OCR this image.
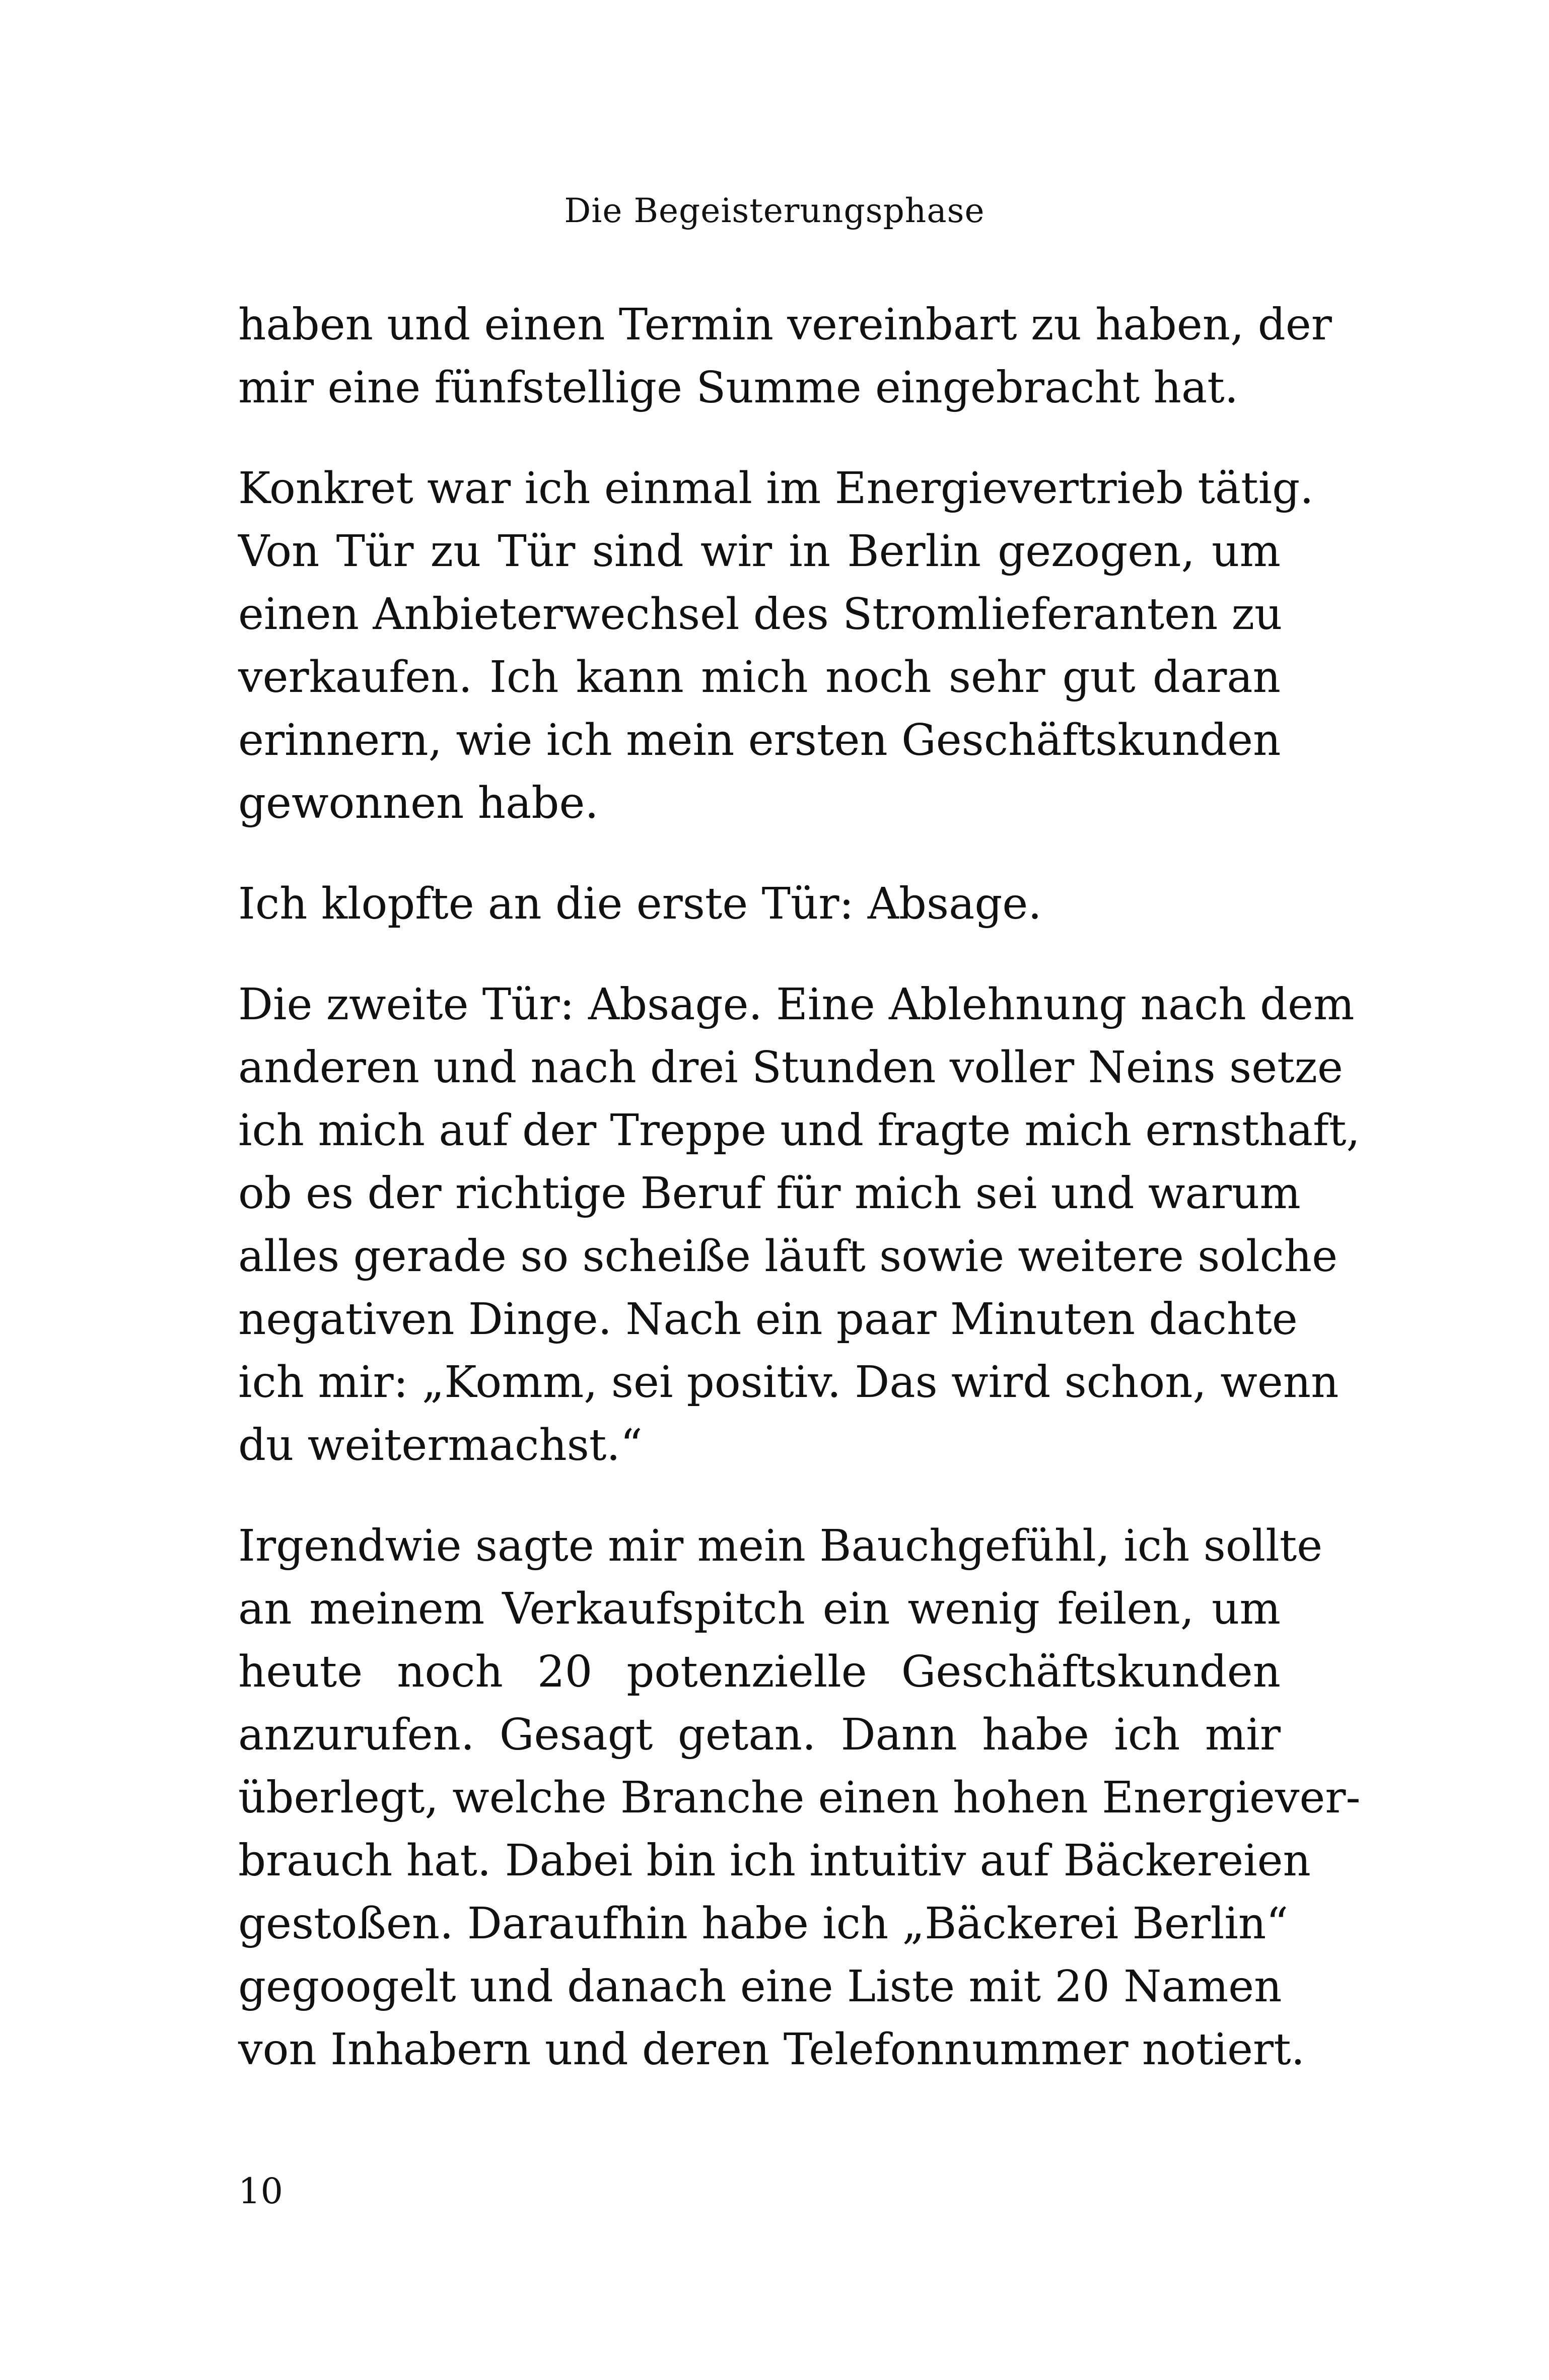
Die Begeisterungsphase

haben und einen Termin vereinbart zu haben, der
mir eine fünfstellige Summe eingebracht hat.

Konkret war ich einmal im Energievertrieb tätig.
Von Tür zu Tür sind wir in Berlin gezogen, um
einen Anbieterwechsel des Stromlieferanten zu
verkaufen. Ich kann mich noch sehr gut daran
erinnern, wie ich mein ersten Geschäftskunden
gewonnen habe.

Ich klopfte an die erste Tür: Absage.

Die zweite Tür: Absage. Eine Ablehnung nach dem
anderen und nach drei Stunden voller Neins setze
ich mich auf der Treppe und fragte mich ernsthaft,
ob es der richtige Beruf für mich sei und warum
alles gerade so scheiße läuft sowie weitere solche
negativen Dinge. Nach ein paar Minuten dachte
ich mir: „Komm, sei positiv. Das wird schon, wenn
du weitermachst.“

Irgendwie sagte mir mein Bauchgefühl, ich sollte
an meinem Verkaufspitch ein wenig feilen, um
heute noch 20 potenzielle Geschäftskunden
anzurufen. Gesagt getan. Dann habe ich mir
überlegt, welche Branche einen hohen Energiever-
brauch hat. Dabei bin ich intuitiv auf Bäckereien
gestoßen. Daraufhin habe ich „Bäckerei Berlin“
gegoogelt und danach eine Liste mit 20 Namen
von Inhabern und deren Telefonnummer notiert.

10
